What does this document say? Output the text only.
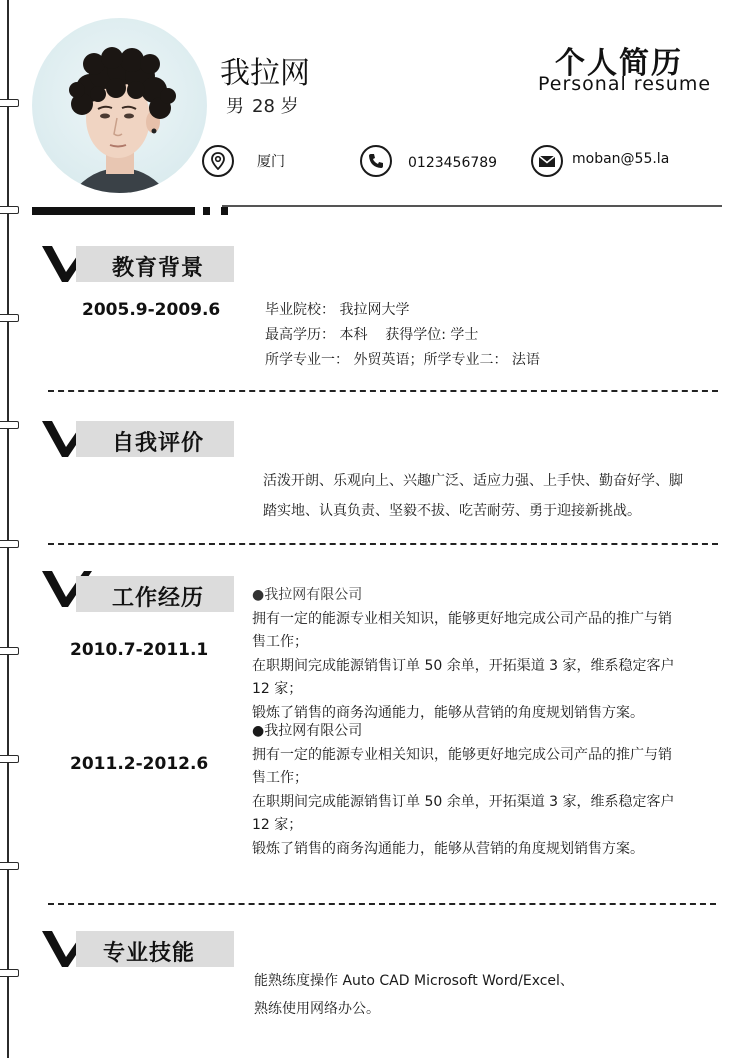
我拉网
男 28 岁
个人简历
Personal resume
厦门	0123456789	moban@55.la
教育背景
2005.9-2009.6	毕业院校： 我拉网大学
最高学历： 本科    获得学位: 学士
所学专业一： 外贸英语；所学专业二： 法语
自我评价
活泼开朗、乐观向上、兴趣广泛、适应力强、上手快、勤奋好学、脚
踏实地、认真负责、坚毅不拔、吃苦耐劳、勇于迎接新挑战。
工作经历
2010.7-2011.1
●我拉网有限公司
拥有一定的能源专业相关知识，能够更好地完成公司产品的推广与销
售工作；
在职期间完成能源销售订单 50 余单，开拓渠道 3 家，维系稳定客户
12 家；
锻炼了销售的商务沟通能力，能够从营销的角度规划销售方案。
2011.2-2012.6
●我拉网有限公司
拥有一定的能源专业相关知识，能够更好地完成公司产品的推广与销
售工作；
在职期间完成能源销售订单 50 余单，开拓渠道 3 家，维系稳定客户
12 家；
锻炼了销售的商务沟通能力，能够从营销的角度规划销售方案。
专业技能
能熟练度操作 Auto CAD Microsoft Word/Excel、
熟练使用网络办公。
